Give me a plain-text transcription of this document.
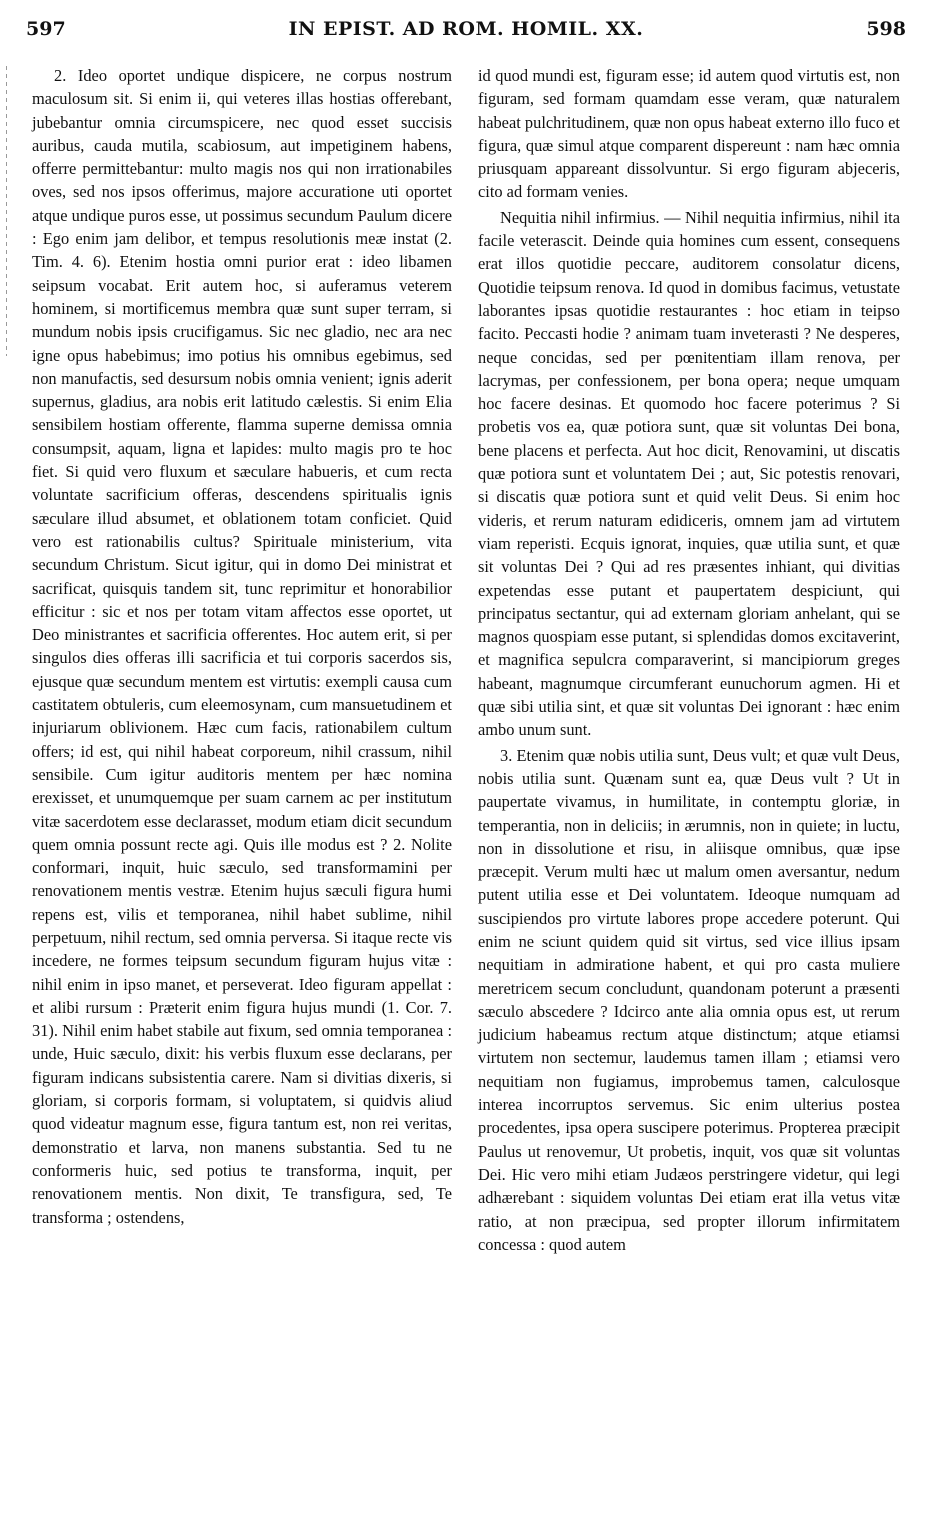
597	IN EPIST. AD ROM. HOMIL. XX.	598

2. Ideo oportet undique dispicere, ne corpus nostrum maculosum sit. Si enim ii, qui veteres illas hostias offerebant, jubebantur omnia circumspicere, nec quod esset succisis auribus, cauda mutila, scabiosum, aut impetiginem habens, offerre permittebantur: multo magis nos qui non irrationabiles oves, sed nos ipsos offerimus, majore accuratione uti oportet atque undique puros esse, ut possimus secundum Paulum dicere : Ego enim jam delibor, et tempus resolutionis meæ instat (2. Tim. 4. 6). Etenim hostia omni purior erat : ideo libamen seipsum vocabat. Erit autem hoc, si auferamus veterem hominem, si mortificemus membra quæ sunt super terram, si mundum nobis ipsis crucifigamus. Sic nec gladio, nec ara nec igne opus habebimus; imo potius his omnibus egebimus, sed non manufactis, sed desursum nobis omnia venient; ignis aderit supernus, gladius, ara nobis erit latitudo cælestis. Si enim Elia sensibilem hostiam offerente, flamma superne demissa omnia consumpsit, aquam, ligna et lapides: multo magis pro te hoc fiet. Si quid vero fluxum et sæculare habueris, et cum recta voluntate sacrificium offeras, descendens spiritualis ignis sæculare illud absumet, et oblationem totam conficiet. Quid vero est rationabilis cultus? Spirituale ministerium, vita secundum Christum. Sicut igitur, qui in domo Dei ministrat et sacrificat, quisquis tandem sit, tunc reprimitur et honorabilior efficitur : sic et nos per totam vitam affectos esse oportet, ut Deo ministrantes et sacrificia offerentes. Hoc autem erit, si per singulos dies offeras illi sacrificia et tui corporis sacerdos sis, ejusque quæ secundum mentem est virtutis: exempli causa cum castitatem obtuleris, cum eleemosynam, cum mansuetudinem et injuriarum oblivionem. Hæc cum facis, rationabilem cultum offers; id est, qui nihil habeat corporeum, nihil crassum, nihil sensibile. Cum igitur auditoris mentem per hæc nomina erexisset, et unumquemque per suam carnem ac per institutum vitæ sacerdotem esse declarasset, modum etiam dicit secundum quem omnia possunt recte agi. Quis ille modus est ? 2. Nolite conformari, inquit, huic sæculo, sed transformamini per renovationem mentis vestræ. Etenim hujus sæculi figura humi repens est, vilis et temporanea, nihil habet sublime, nihil perpetuum, nihil rectum, sed omnia perversa. Si itaque recte vis incedere, ne formes teipsum secundum figuram hujus vitæ : nihil enim in ipso manet, et perseverat. Ideo figuram appellat : et alibi rursum : Præterit enim figura hujus mundi (1. Cor. 7. 31). Nihil enim habet stabile aut fixum, sed omnia temporanea : unde, Huic sæculo, dixit: his verbis fluxum esse declarans, per figuram indicans subsistentia carere. Nam si divitias dixeris, si gloriam, si corporis formam, si voluptatem, si quidvis aliud quod videatur magnum esse, figura tantum est, non rei veritas, demonstratio et larva, non manens substantia. Sed tu ne conformeris huic, sed potius te transforma, inquit, per renovationem mentis. Non dixit, Te transfigura, sed, Te transforma ; ostendens,

id quod mundi est, figuram esse; id autem quod virtutis est, non figuram, sed formam quamdam esse veram, quæ naturalem habeat pulchritudinem, quæ non opus habeat externo illo fuco et figura, quæ simul atque comparent dispereunt : nam hæc omnia priusquam appareant dissolvuntur. Si ergo figuram abjeceris, cito ad formam venies.

Nequitia nihil infirmius. — Nihil nequitia infirmius, nihil ita facile veterascit. Deinde quia homines cum essent, consequens erat illos quotidie peccare, auditorem consolatur dicens, Quotidie teipsum renova. Id quod in domibus facimus, vetustate laborantes ipsas quotidie restaurantes : hoc etiam in teipso facito. Peccasti hodie ? animam tuam inveterasti ? Ne desperes, neque concidas, sed per pœnitentiam illam renova, per lacrymas, per confessionem, per bona opera; neque umquam hoc facere desinas. Et quomodo hoc facere poterimus ? Si probetis vos ea, quæ potiora sunt, quæ sit voluntas Dei bona, bene placens et perfecta. Aut hoc dicit, Renovamini, ut discatis quæ potiora sunt et voluntatem Dei ; aut, Sic potestis renovari, si discatis quæ potiora sunt et quid velit Deus. Si enim hoc videris, et rerum naturam edidiceris, omnem jam ad virtutem viam reperisti. Ecquis ignorat, inquies, quæ utilia sunt, et quæ sit voluntas Dei ? Qui ad res præsentes inhiant, qui divitias expetendas esse putant et paupertatem despiciunt, qui principatus sectantur, qui ad externam gloriam anhelant, qui se magnos quospiam esse putant, si splendidas domos excitaverint, et magnifica sepulcra comparaverint, si mancipiorum greges habeant, magnumque circumferant eunuchorum agmen. Hi et quæ sibi utilia sint, et quæ sit voluntas Dei ignorant : hæc enim ambo unum sunt.

3. Etenim quæ nobis utilia sunt, Deus vult; et quæ vult Deus, nobis utilia sunt. Quænam sunt ea, quæ Deus vult ? Ut in paupertate vivamus, in humilitate, in contemptu gloriæ, in temperantia, non in deliciis; in ærumnis, non in quiete; in luctu, non in dissolutione et risu, in aliisque omnibus, quæ ipse præcepit. Verum multi hæc ut malum omen aversantur, nedum putent utilia esse et Dei voluntatem. Ideoque numquam ad suscipiendos pro virtute labores prope accedere poterunt. Qui enim ne sciunt quidem quid sit virtus, sed vice illius ipsam nequitiam in admiratione habent, et qui pro casta muliere meretricem secum concludunt, quandonam poterunt a præsenti sæculo abscedere ? Idcirco ante alia omnia opus est, ut rerum judicium habeamus rectum atque distinctum; atque etiamsi virtutem non sectemur, laudemus tamen illam ; etiamsi vero nequitiam non fugiamus, improbemus tamen, calculosque interea incorruptos servemus. Sic enim ulterius postea procedentes, ipsa opera suscipere poterimus. Propterea præcipit Paulus ut renovemur, Ut probetis, inquit, vos quæ sit voluntas Dei. Hic vero mihi etiam Judæos perstringere videtur, qui legi adhærebant : siquidem voluntas Dei etiam erat illa vetus vitæ ratio, at non præcipua, sed propter illorum infirmitatem concessa : quod autem
